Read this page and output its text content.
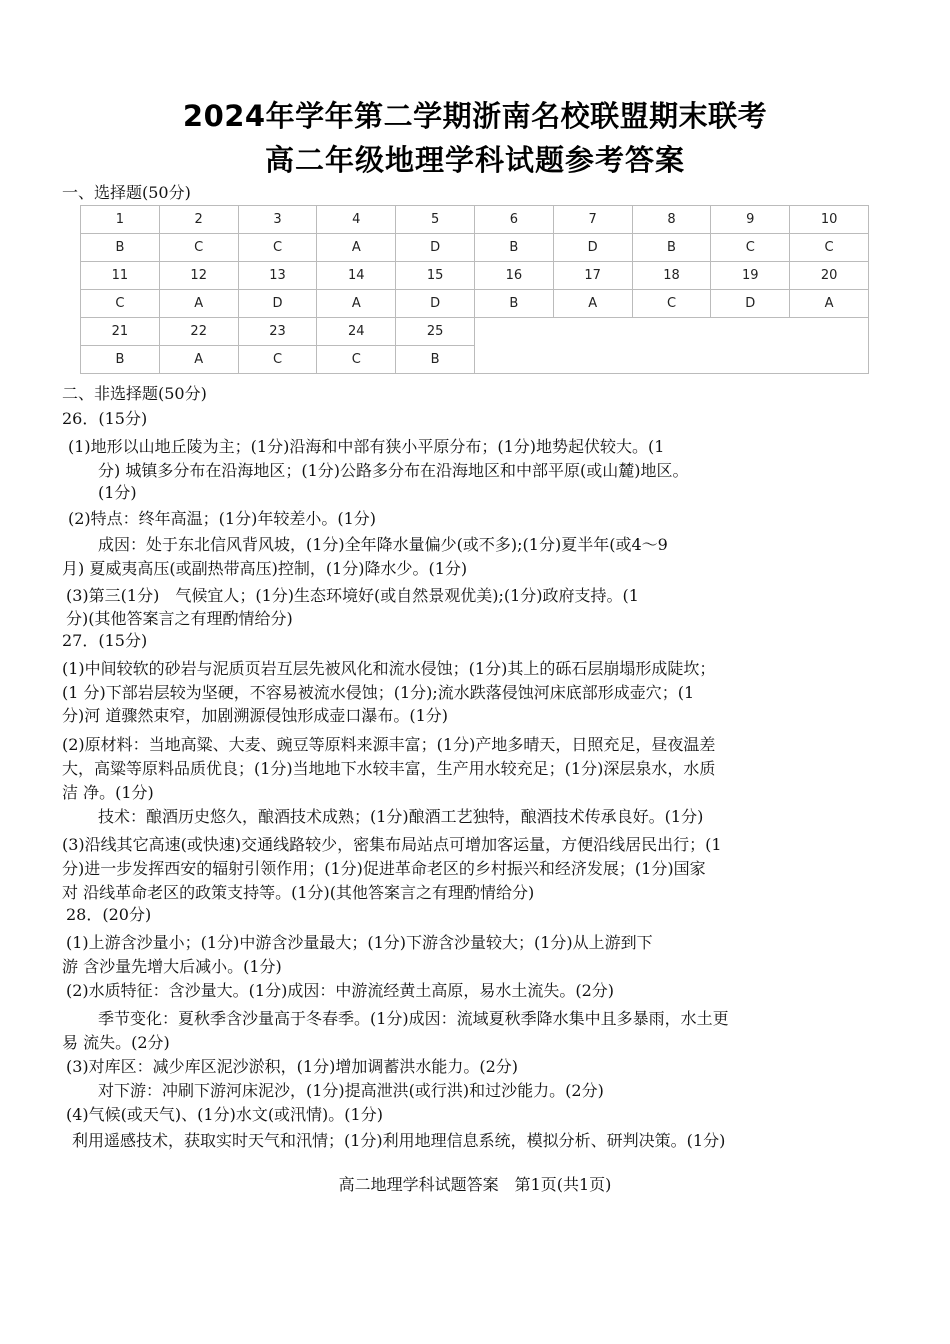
2024年学年第二学期浙南名校联盟期末联考
高二年级地理学科试题参考答案
一、选择题(50分)
1	2	3	4	5	6	7	8	9	10
B	C	C	A	D	B	D	B	C	C
11	12	13	14	15	16	17	18	19	20
C	A	D	A	D	B	A	C	D	A
21	22	23	24	25					
B	A	C	C	B					
二、非选择题(50分)
26．(15分)
(1)地形以山地丘陵为主；(1分)沿海和中部有狭小平原分布；(1分)地势起伏较大。(1
分) 城镇多分布在沿海地区；(1分)公路多分布在沿海地区和中部平原(或山麓)地区。
(1分)
(2)特点：终年高温；(1分)年较差小。(1分)
成因：处于东北信风背风坡，(1分)全年降水量偏少(或不多);(1分)夏半年(或4～9
月) 夏威夷高压(或副热带高压)控制，(1分)降水少。(1分)
(3)第三(1分)　气候宜人；(1分)生态环境好(或自然景观优美);(1分)政府支持。(1
分)(其他答案言之有理酌情给分)
27．(15分)
(1)中间较软的砂岩与泥质页岩互层先被风化和流水侵蚀；(1分)其上的砾石层崩塌形成陡坎；
(1 分)下部岩层较为坚硬，不容易被流水侵蚀；(1分);流水跌落侵蚀河床底部形成壶穴；(1
分)河 道骤然束窄，加剧溯源侵蚀形成壶口瀑布。(1分)
(2)原材料：当地高粱、大麦、豌豆等原料来源丰富；(1分)产地多晴天，日照充足，昼夜温差
大，高粱等原料品质优良；(1分)当地地下水较丰富，生产用水较充足；(1分)深层泉水，水质
洁 净。(1分)
技术：酿酒历史悠久，酿酒技术成熟；(1分)酿酒工艺独特，酿酒技术传承良好。(1分)
(3)沿线其它高速(或快速)交通线路较少，密集布局站点可增加客运量，方便沿线居民出行；(1
分)进一步发挥西安的辐射引领作用；(1分)促进革命老区的乡村振兴和经济发展；(1分)国家
对 沿线革命老区的政策支持等。(1分)(其他答案言之有理酌情给分)
28．(20分)
(1)上游含沙量小；(1分)中游含沙量最大；(1分)下游含沙量较大；(1分)从上游到下
游 含沙量先增大后减小。(1分)
(2)水质特征：含沙量大。(1分)成因：中游流经黄土高原，易水土流失。(2分)
季节变化：夏秋季含沙量高于冬春季。(1分)成因：流域夏秋季降水集中且多暴雨，水土更
易 流失。(2分)
(3)对库区：减少库区泥沙淤积，(1分)增加调蓄洪水能力。(2分)
对下游：冲刷下游河床泥沙，(1分)提高泄洪(或行洪)和过沙能力。(2分)
(4)气候(或天气)、(1分)水文(或汛情)。(1分)
利用遥感技术，获取实时天气和汛情；(1分)利用地理信息系统，模拟分析、研判决策。(1分)
高二地理学科试题答案　第1页(共1页)
